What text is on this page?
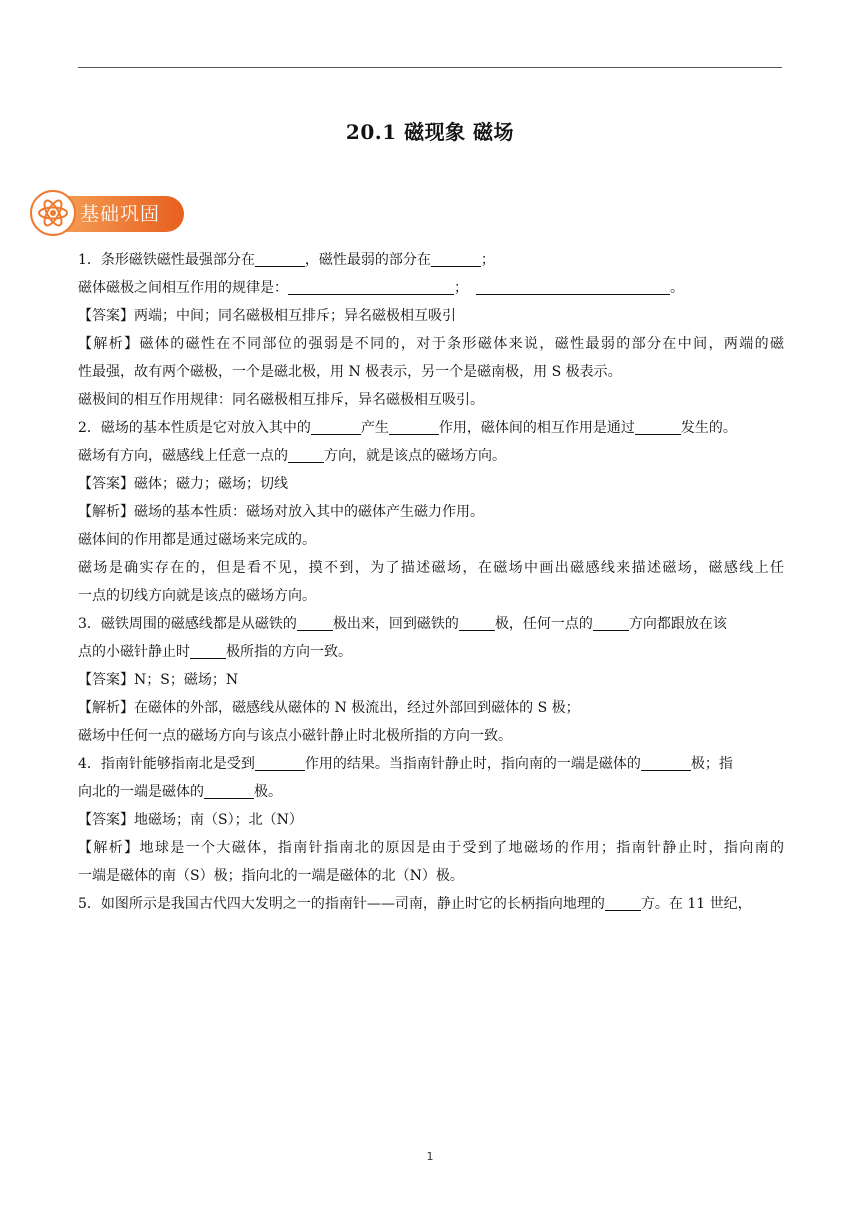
20.1 磁现象 磁场
基础巩固
1．条形磁铁磁性最强部分在	，磁性最弱的部分在	；
磁体磁极之间相互作用的规律是：	；	。
【答案】两端；中间；同名磁极相互排斥；异名磁极相互吸引
【解析】磁体的磁性在不同部位的强弱是不同的，对于条形磁体来说，磁性最弱的部分在中间，两端的磁
性最强，故有两个磁极，一个是磁北极，用 N 极表示，另一个是磁南极，用 S 极表示。
磁极间的相互作用规律：同名磁极相互排斥，异名磁极相互吸引。
2．磁场的基本性质是它对放入其中的	产生	作用，磁体间的相互作用是通过	发生的。
磁场有方向，磁感线上任意一点的	方向，就是该点的磁场方向。
【答案】磁体；磁力；磁场；切线
【解析】磁场的基本性质：磁场对放入其中的磁体产生磁力作用。
磁体间的作用都是通过磁场来完成的。
磁场是确实存在的，但是看不见，摸不到，为了描述磁场，在磁场中画出磁感线来描述磁场，磁感线上任
一点的切线方向就是该点的磁场方向。
3．磁铁周围的磁感线都是从磁铁的	极出来，回到磁铁的	极，任何一点的	方向都跟放在该
点的小磁针静止时	极所指的方向一致。
【答案】N；S；磁场；N
【解析】在磁体的外部，磁感线从磁体的 N 极流出，经过外部回到磁体的 S 极；
磁场中任何一点的磁场方向与该点小磁针静止时北极所指的方向一致。
4．指南针能够指南北是受到	作用的结果。当指南针静止时，指向南的一端是磁体的	极；指
向北的一端是磁体的	极。
【答案】地磁场；南（S）；北（N）
【解析】地球是一个大磁体，指南针指南北的原因是由于受到了地磁场的作用；指南针静止时，指向南的
一端是磁体的南（S）极；指向北的一端是磁体的北（N）极。
5．如图所示是我国古代四大发明之一的指南针——司南，静止时它的长柄指向地理的	方。在 11 世纪，
1
